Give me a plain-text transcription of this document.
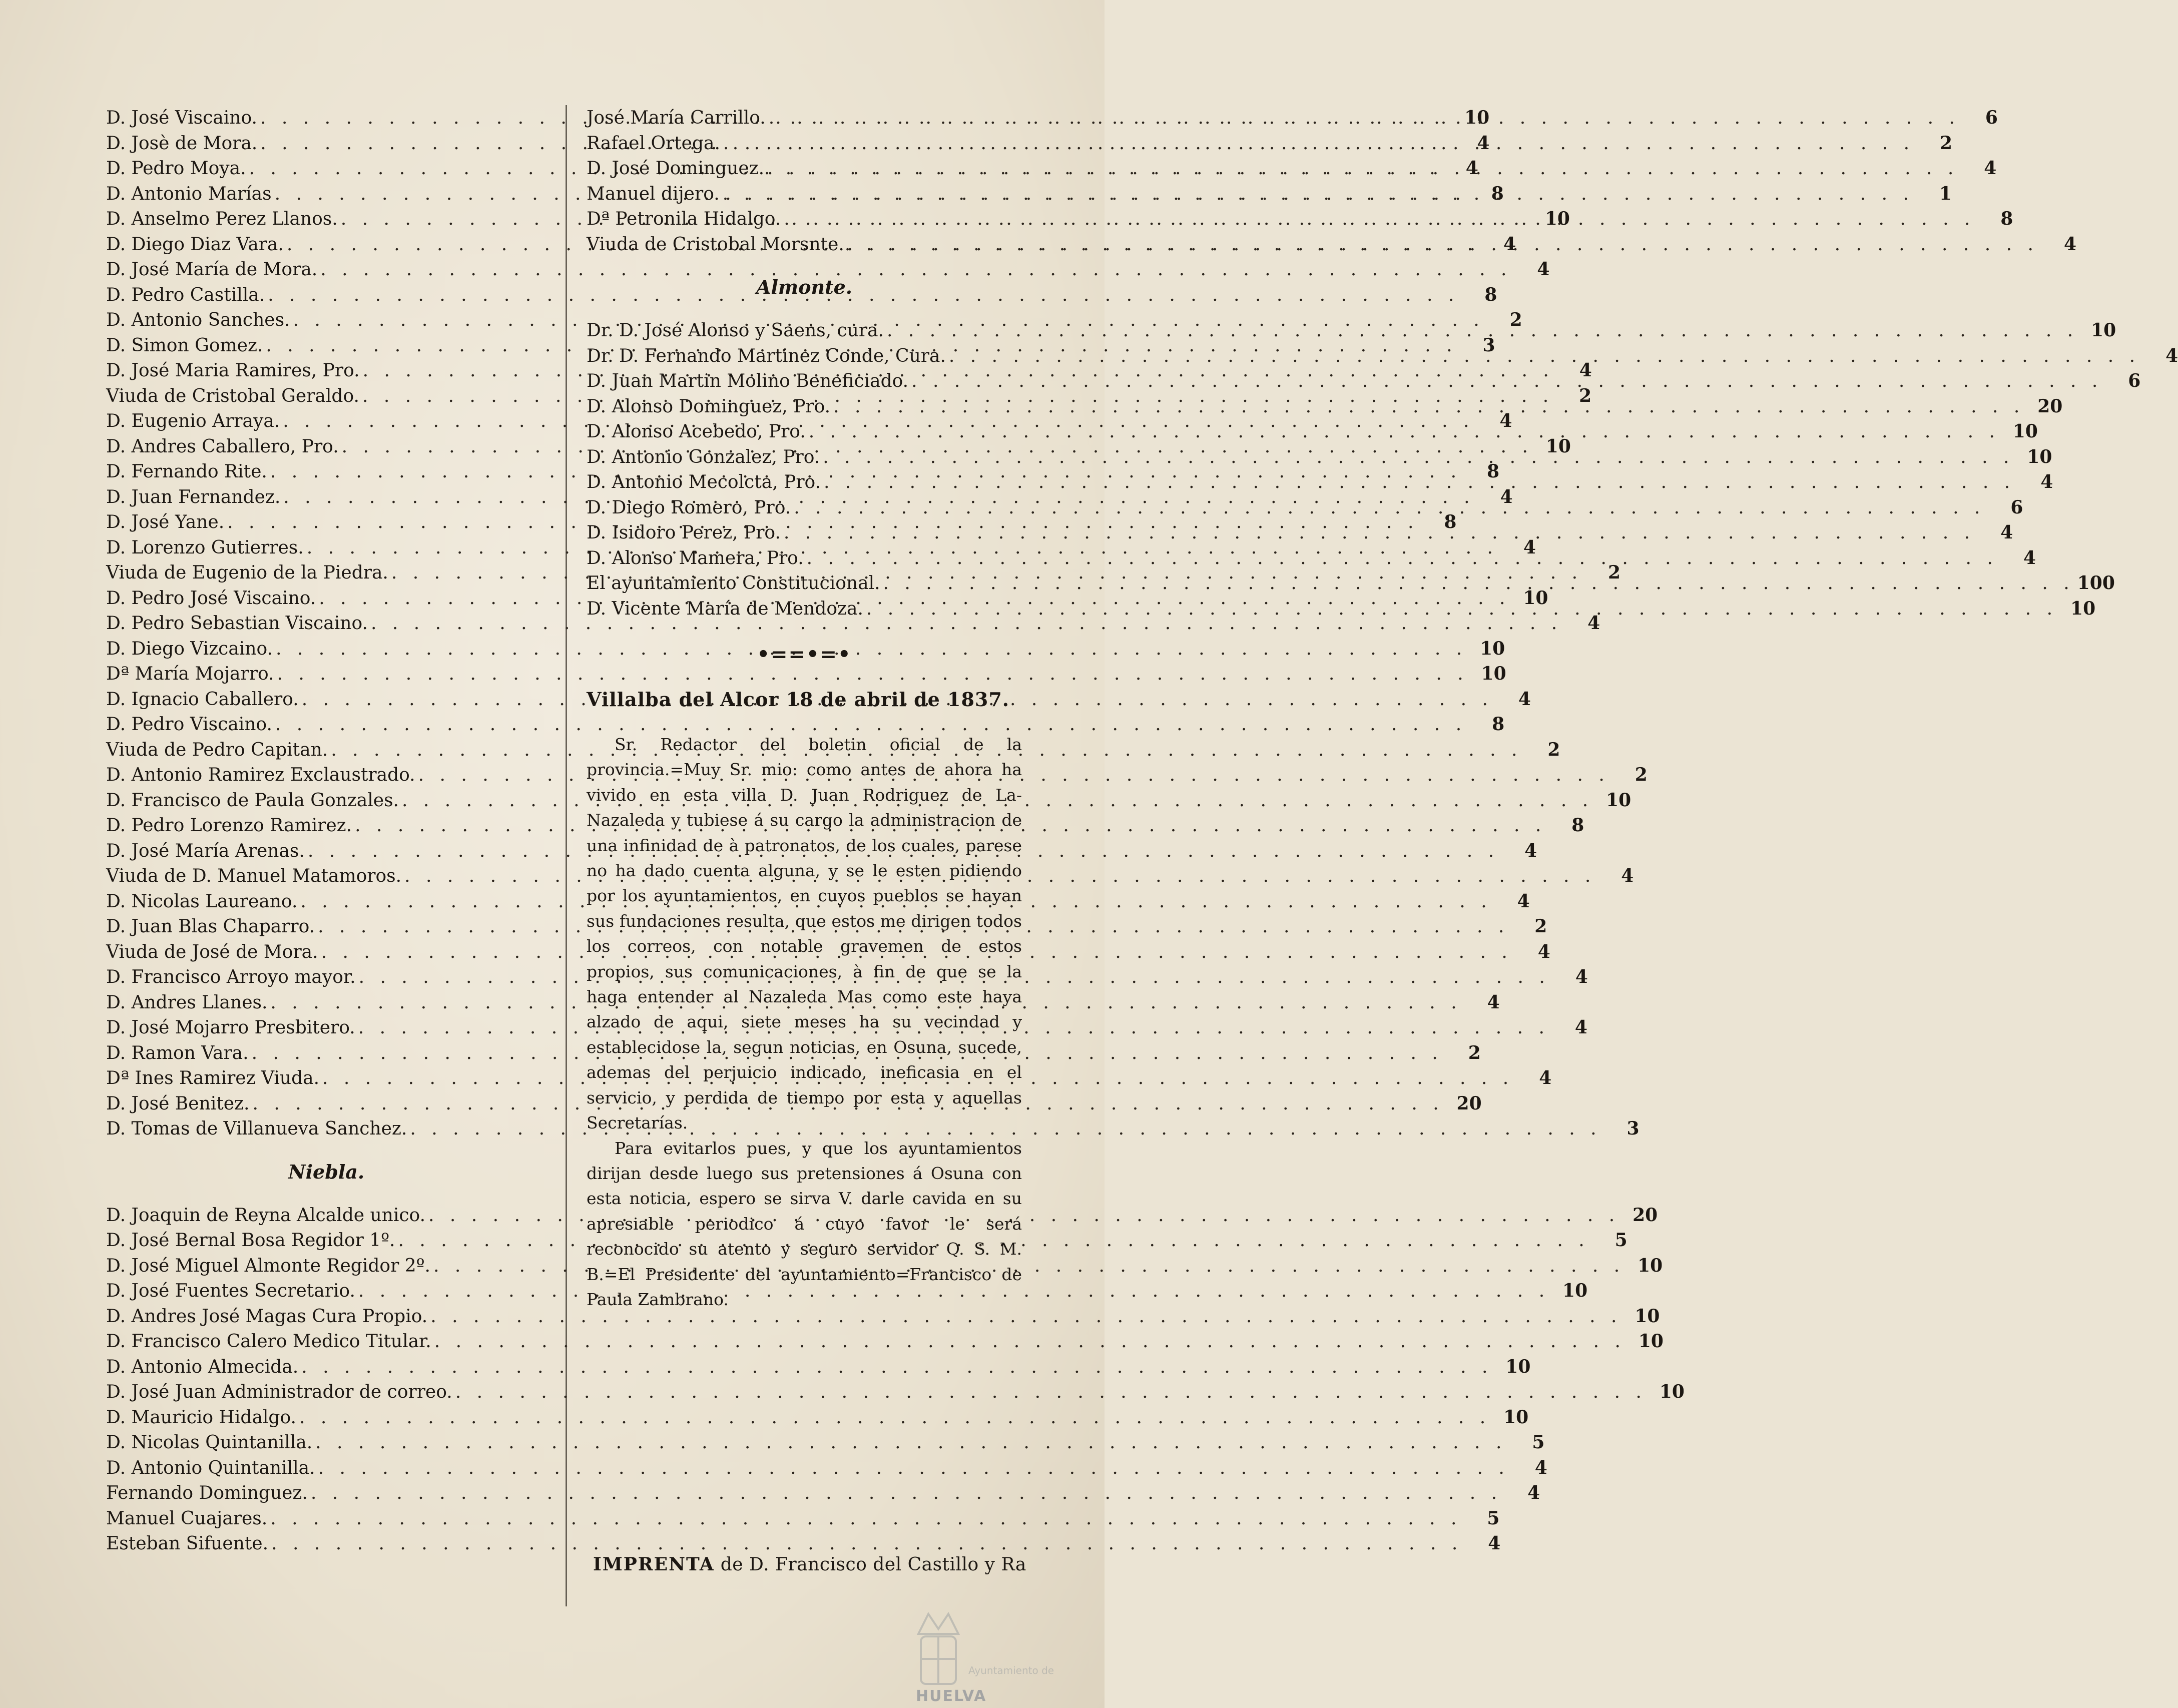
D. José Viscaino. . . .	10
D. Josè de Mora. . . .	4
D. Pedro Moya. . . .	4
D. Antonio Marías . . .	8
D. Anselmo Perez Llanos. . . .	10
D. Diego Diaz Vara. . . .	4
D. José María de Mora. . . .	4
D. Pedro Castilla. . . .	8
D. Antonio Sanches. . . .	2
D. Simon Gomez. . . .	3
D. José Maria Ramires, Pro. . . .	4
Viuda de Cristobal Geraldo. . . .	2
D. Eugenio Arraya. . . .	4
D. Andres Caballero, Pro. . . .	10
D. Fernando Rite. . . .	8
D. Juan Fernandez. . . .	4
D. José Yane. . . .	8
D. Lorenzo Gutierres. . . .	4
Viuda de Eugenio de la Piedra. . . .	2
D. Pedro José Viscaino. . . .	10
D. Pedro Sebastian Viscaino. . . .	4
D. Diego Vizcaino. . . .	10
Dª María Mojarro. . . .	10
D. Ignacio Caballero. . . .	4
D. Pedro Viscaino. . . .	8
Viuda de Pedro Capitan. . . .	2
D. Antonio Ramirez Exclaustrado. . . .	2
D. Francisco de Paula Gonzales. . . .	10
D. Pedro Lorenzo Ramirez. . . .	8
D. José María Arenas. . . .	4
Viuda de D. Manuel Matamoros. . . .	4
D. Nicolas Laureano. . . .	4
D. Juan Blas Chaparro. . . .	2
Viuda de José de Mora. . . .	4
D. Francisco Arroyo mayor. . . .	4
D. Andres Llanes. . . .	4
D. José Mojarro Presbitero. . . .	4
D. Ramon Vara. . . .	2
Dª Ines Ramirez Viuda. . . .	4
D. José Benitez. . . .	20
D. Tomas de Villanueva Sanchez. . . .	3
Niebla.
D. Joaquin de Reyna Alcalde unico. . . .	20
D. José Bernal Bosa Regidor 1º. . . .	5
D. José Miguel Almonte Regidor 2º. . . .	10
D. José Fuentes Secretario. . . .	10
D. Andres José Magas Cura Propio. . . .	10
D. Francisco Calero Medico Titular. . . .	10
D. Antonio Almecida. . . .	10
D. José Juan Administrador de correo. . . .	10
D. Mauricio Hidalgo. . . .	10
D. Nicolas Quintanilla. . . .	5
D. Antonio Quintanilla. . . .	4
Fernando Dominguez. . . .	4
Manuel Cuajares. . . .	5
Esteban Sifuente. . . .	4
José María Carrillo. . . .	6
Rafael Ortega. . . .	2
D. José Dominguez. . . .	4
Manuel dijero. . . .	1
Dª Petronila Hidalgo. . . .	8
Viuda de Cristobal Morsnte. . . .	4
Almonte.
Dr. D. José Alonso y Saens, cura. . . .	10
Dr. D. Fernando Martinez Conde, Cura. . . .	4
D. Juan Martin Molino Beneficiado. . . .	6
D. Alonso Dominguez, Pro. . . .	20
D. Alonso Acebedo, Pro. . . .	10
D. Antonio Gonzalez, Pro. . . .	10
D. Antonio Mecolcta, Pro. . . .	4
D. Diego Romero, Pro. . . .	6
D. Isidoro Perez, Pro. . . .	4
D. Alonso Mamera, Pro. . . .	4
El ayuntamiento Constitucional. . . .	100
D. Vicente María de Mendoza. . . .	10
•==•=•
Villalba del Alcor 18 de abril de 1837.

Sr. Redactor del boletin oficial de la provincia.=Muy Sr. mio: como antes de ahora ha vivido en esta villa D. Juan Rodriguez de La-Nazaleda y tubiese á su cargo la administracion de una infinidad de à patronatos, de los cuales, parese no ha dado cuenta alguna, y se le esten pidiendo por los ayuntamientos, en cuyos pueblos se hayan sus fundaciones resulta, que estos me dirigen todos los correos, con notable gravemen de estos propios, sus comunicaciones, à fin de que se la haga entender al Nazaleda Mas como este haya alzado de aqui, siete meses ha su vecindad y establecidose la, segun noticias, en Osuna, sucede, ademas del perjuicio indicado, ineficasia en el servicio, y perdida de tiempo por esta y aquellas Secretarías.

Para evitarlos pues, y que los ayuntamientos dirijan desde luego sus pretensiones á Osuna con esta noticia, espero se sirva V. darle cavida en su apresiable periodico á cuyo favor le será reconocido su atento y seguro servidor Q. S. M. B.=El Presidente del ayuntamiento=Francisco de Paula Zambrano.

IMPRENTA de D. Francisco del Castillo y Ra
Ayuntamiento de
HUELVA
